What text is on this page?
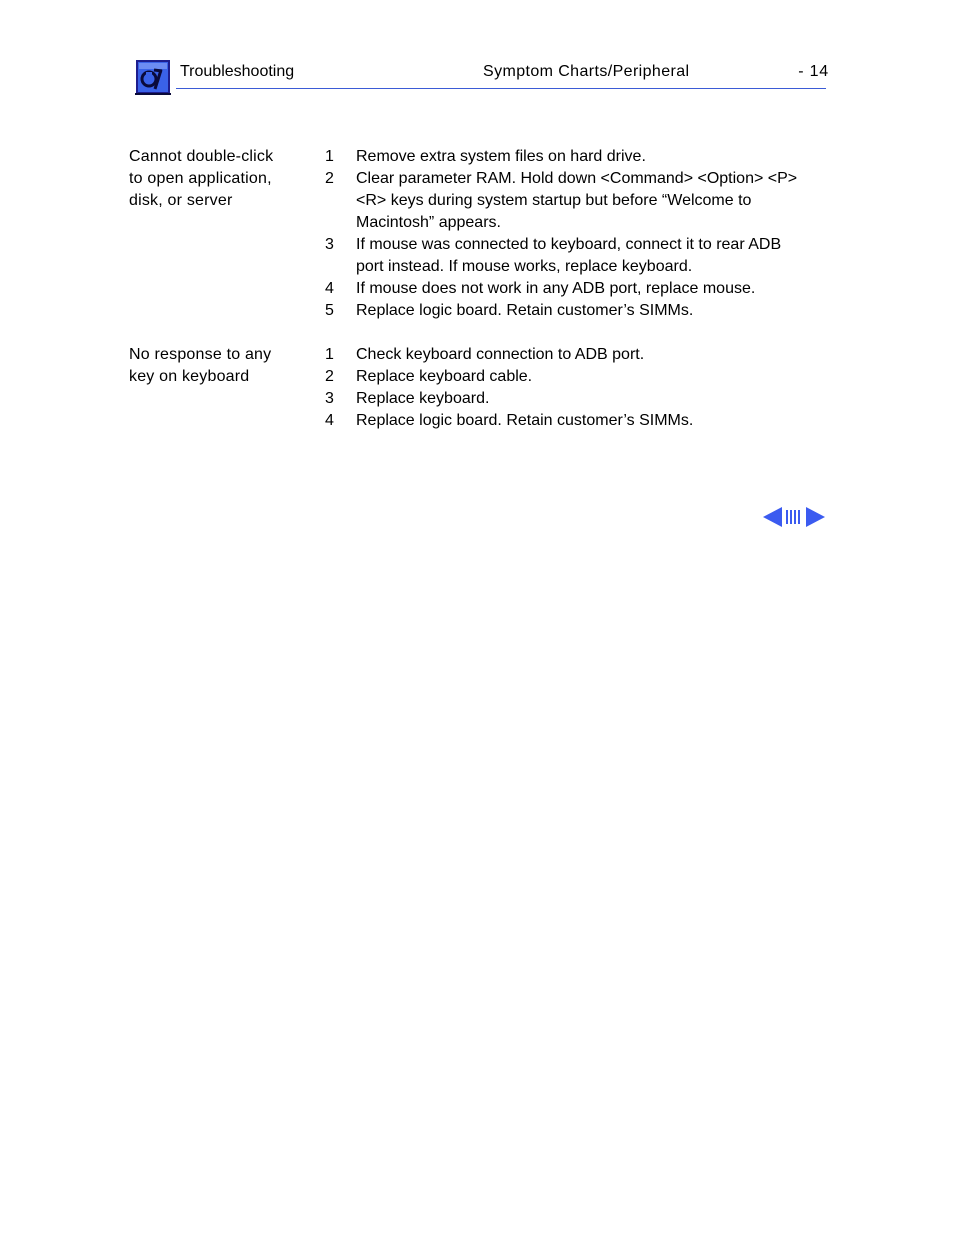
Troubleshooting	Symptom Charts/Peripheral	- 14
Cannot double-click
to open application,
disk, or server
1	Remove extra system files on hard drive.
2	Clear parameter RAM. Hold down <Command> <Option> <P> <R> keys during system startup but before “Welcome to Macintosh” appears.
3	If mouse was connected to keyboard, connect it to rear ADB port instead. If mouse works, replace keyboard.
4	If mouse does not work in any ADB port, replace mouse.
5	Replace logic board. Retain customer’s SIMMs.
No response to any
key on keyboard
1	Check keyboard connection to ADB port.
2	Replace keyboard cable.
3	Replace keyboard.
4	Replace logic board. Retain customer’s SIMMs.
